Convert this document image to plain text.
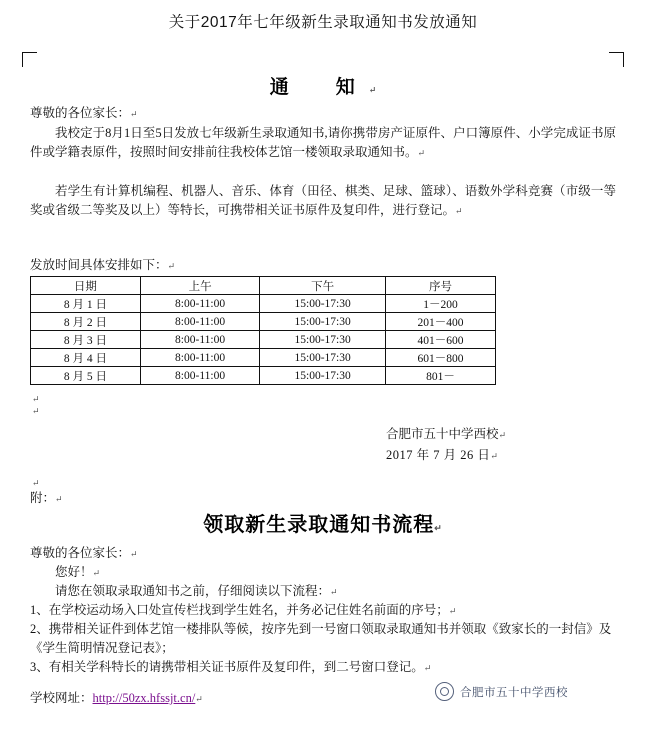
关于2017年七年级新生录取通知书发放通知
通　知↵
尊敬的各位家长：↵
我校定于8月1日至5日发放七年级新生录取通知书,请你携带房产证原件、户口簿原件、小学完成证书原件或学籍表原件，按照时间安排前往我校体艺馆一楼领取录取通知书。↵
若学生有计算机编程、机器人、音乐、体育（田径、棋类、足球、篮球）、语数外学科竞赛（市级一等奖或省级二等奖及以上）等特长，可携带相关证书原件及复印件，进行登记。↵
发放时间具体安排如下：↵
日期	上午	下午	序号
8 月 1 日	8:00-11:00	15:00-17:30	1－200
8 月 2 日	8:00-11:00	15:00-17:30	201－400
8 月 3 日	8:00-11:00	15:00-17:30	401－600
8 月 4 日	8:00-11:00	15:00-17:30	601－800
8 月 5 日	8:00-11:00	15:00-17:30	801－
↵
↵
合肥市五十中学西校↵
2017 年 7 月 26 日↵
↵
附：↵
领取新生录取通知书流程↵
尊敬的各位家长：↵
您好！↵
请您在领取录取通知书之前，仔细阅读以下流程：↵
1、在学校运动场入口处宣传栏找到学生姓名，并务必记住姓名前面的序号；↵
2、携带相关证件到体艺馆一楼排队等候，按序先到一号窗口领取录取通知书并领取《致家长的一封信》及《学生简明情况登记表》；
3、有相关学科特长的请携带相关证书原件及复印件，到二号窗口登记。↵
学校网址：http://50zx.hfssjt.cn/↵
合肥市五十中学西校
